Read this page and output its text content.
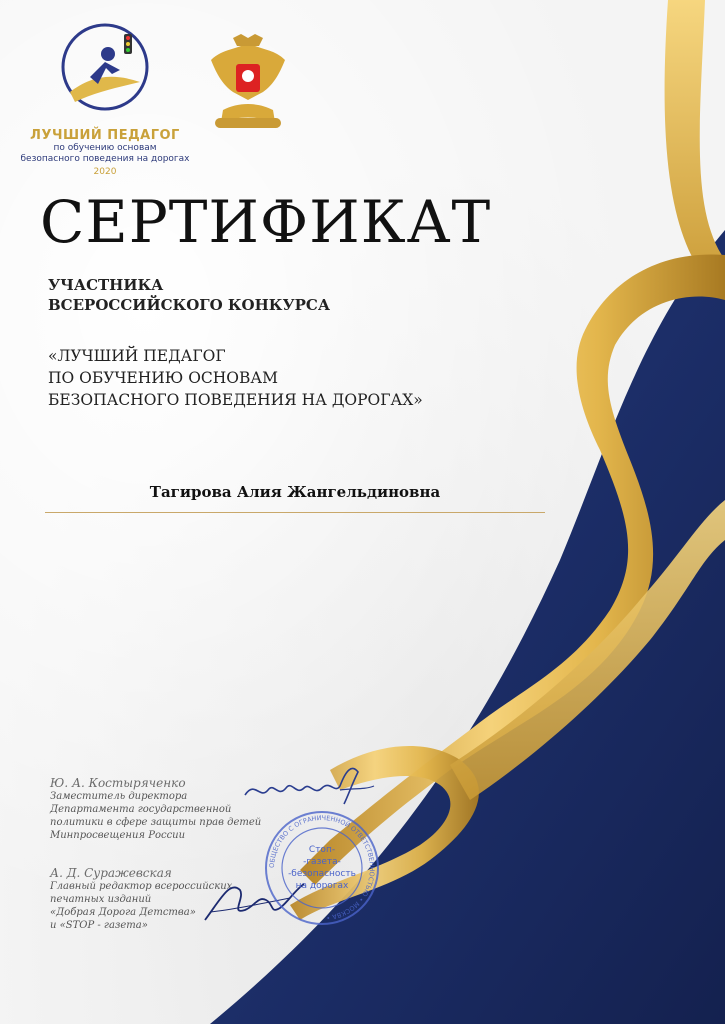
ЛУЧШИЙ ПЕДАГОГ
по обучению основам
безопасного поведения на дорогах
2020
СЕРТИФИКАТ
УЧАСТНИКА
ВСЕРОССИЙСКОГО КОНКУРСА
«ЛУЧШИЙ ПЕДАГОГ
ПО ОБУЧЕНИЮ ОСНОВАМ
БЕЗОПАСНОГО ПОВЕДЕНИЯ НА ДОРОГАХ»
Тагирова Алия Жангельдиновна
Ю. А. Костыряченко
Заместитель директора
Департамента государственной
политики в сфере защиты прав детей
Минпросвещения России
А. Д. Суражевская
Главный редактор всероссийских
печатных изданий
«Добрая Дорога Детства»
и «STOP - газета»
ОБЩЕСТВО С ОГРАНИЧЕННОЙ ОТВЕТСТВЕННОСТЬЮ • МОСКВА •
Стоп-
-газета-
-безопасность
на дорогах
